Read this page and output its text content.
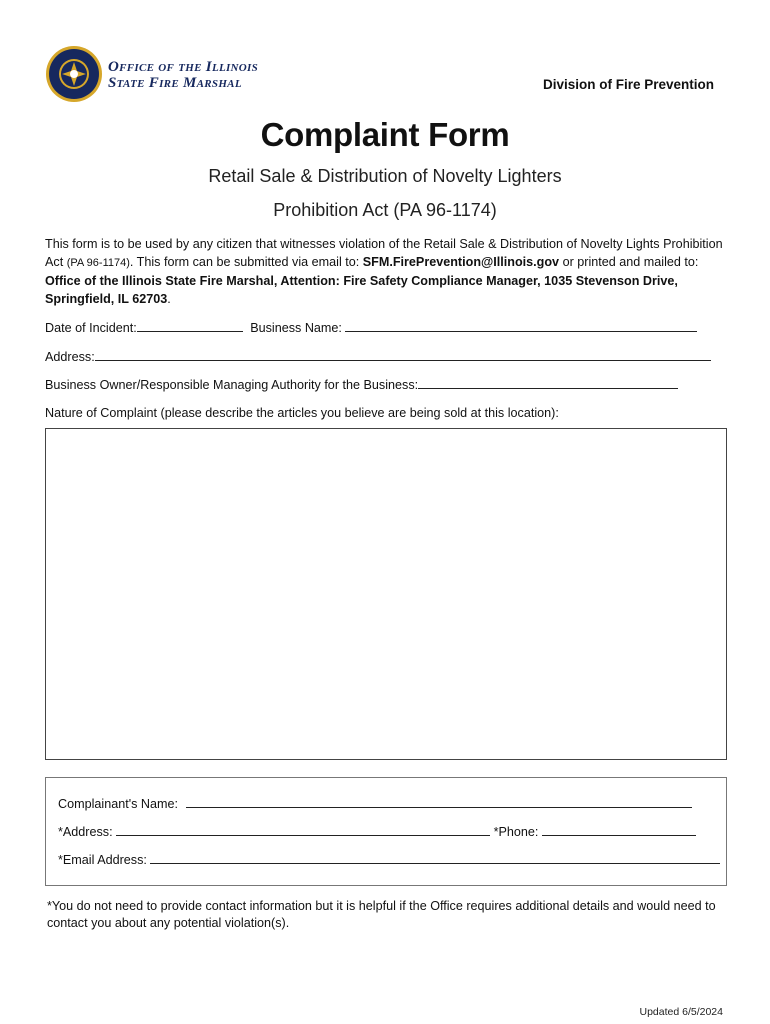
Office of the Illinois
State Fire Marshal	Division of Fire Prevention
Complaint Form
Retail Sale & Distribution of Novelty Lighters
Prohibition Act (PA 96-1174)
This form is to be used by any citizen that witnesses violation of the Retail Sale & Distribution of Novelty Lights Prohibition Act (PA 96-1174). This form can be submitted via email to: SFM.FirePrevention@Illinois.gov or printed and mailed to: Office of the Illinois State Fire Marshal, Attention: Fire Safety Compliance Manager, 1035 Stevenson Drive, Springfield, IL 62703.
Date of Incident:	Business Name:
Address:
Business Owner/Responsible Managing Authority for the Business:
Nature of Complaint (please describe the articles you believe are being sold at this location):
Complainant's Name:
*Address:	*Phone:
*Email Address:
*You do not need to provide contact information but it is helpful if the Office requires additional details and would need to contact you about any potential violation(s).
Updated 6/5/2024
